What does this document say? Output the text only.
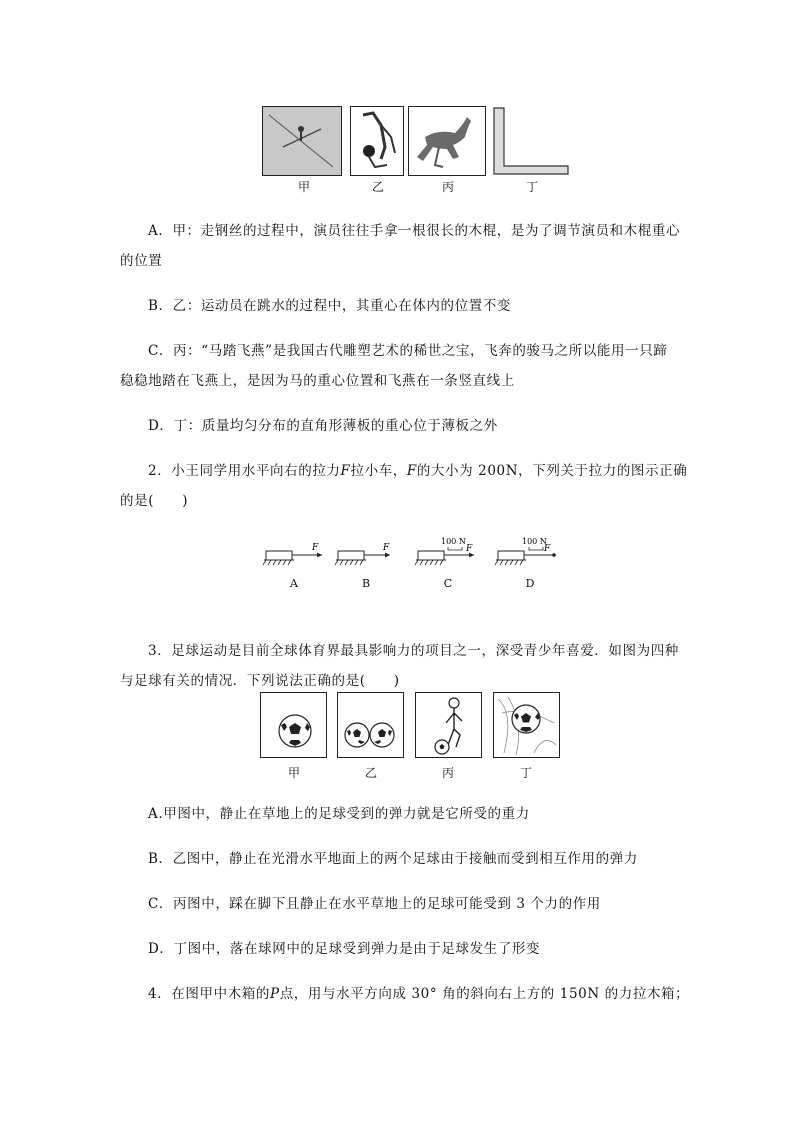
甲	乙	丙	丁
A．甲：走钢丝的过程中，演员往往手拿一根很长的木棍，是为了调节演员和木棍重心
的位置
B．乙：运动员在跳水的过程中，其重心在体内的位置不变
C．丙：“马踏飞燕”是我国古代雕塑艺术的稀世之宝，飞奔的骏马之所以能用一只蹄
稳稳地踏在飞燕上，是因为马的重心位置和飞燕在一条竖直线上
D．丁：质量均匀分布的直角形薄板的重心位于薄板之外
2．小王同学用水平向右的拉力F拉小车，F的大小为 200N，下列关于拉力的图示正确
的是(　　)
F	F
100 N
F
100 N
F
A	B	C	D
3．足球运动是目前全球体育界最具影响力的项目之一，深受青少年喜爱．如图为四种
与足球有关的情况．下列说法正确的是(　　)
甲	乙	丙	丁
A.甲图中，静止在草地上的足球受到的弹力就是它所受的重力
B．乙图中，静止在光滑水平地面上的两个足球由于接触而受到相互作用的弹力
C．丙图中，踩在脚下且静止在水平草地上的足球可能受到 3 个力的作用
D．丁图中，落在球网中的足球受到弹力是由于足球发生了形变
4．在图甲中木箱的P点，用与水平方向成 30° 角的斜向右上方的 150N 的力拉木箱；
